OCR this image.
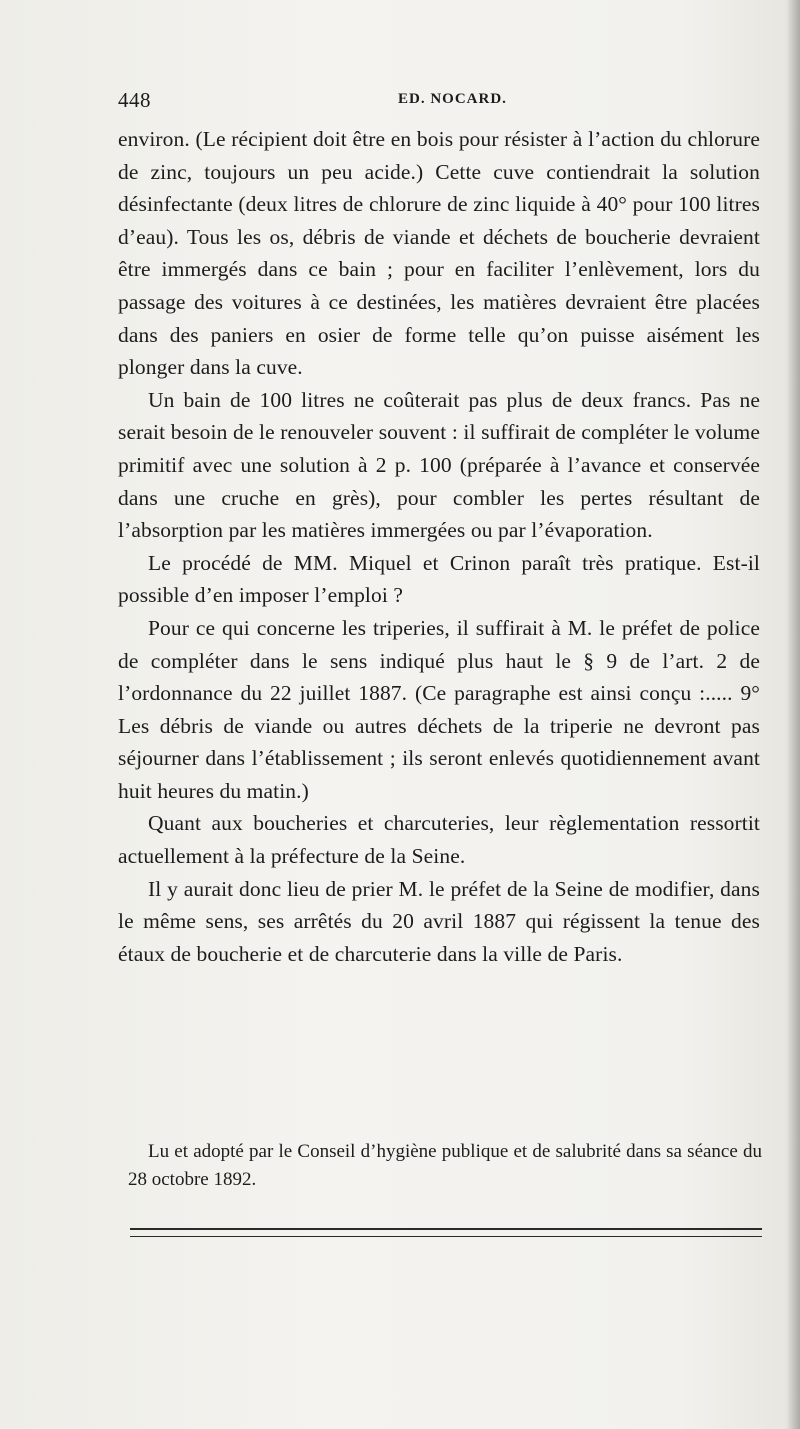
448	ED. NOCARD.

environ. (Le récipient doit être en bois pour résister à l’action du chlorure de zinc, toujours un peu acide.) Cette cuve contiendrait la solution désinfectante (deux litres de chlorure de zinc liquide à 40° pour 100 litres d’eau). Tous les os, débris de viande et déchets de boucherie devraient être immergés dans ce bain ; pour en faciliter l’enlèvement, lors du passage des voitures à ce destinées, les matières devraient être placées dans des paniers en osier de forme telle qu’on puisse aisément les plonger dans la cuve.

Un bain de 100 litres ne coûterait pas plus de deux francs. Pas ne serait besoin de le renouveler souvent : il suffirait de compléter le volume primitif avec une solution à 2 p. 100 (préparée à l’avance et conservée dans une cruche en grès), pour combler les pertes résultant de l’absorption par les matières immergées ou par l’évaporation.

Le procédé de MM. Miquel et Crinon paraît très pratique. Est-il possible d’en imposer l’emploi ?

Pour ce qui concerne les triperies, il suffirait à M. le préfet de police de compléter dans le sens indiqué plus haut le § 9 de l’art. 2 de l’ordonnance du 22 juillet 1887. (Ce paragraphe est ainsi conçu :..... 9° Les débris de viande ou autres déchets de la triperie ne devront pas séjourner dans l’établissement ; ils seront enlevés quotidiennement avant huit heures du matin.)

Quant aux boucheries et charcuteries, leur règlementation ressortit actuellement à la préfecture de la Seine.

Il y aurait donc lieu de prier M. le préfet de la Seine de modifier, dans le même sens, ses arrêtés du 20 avril 1887 qui régissent la tenue des étaux de boucherie et de charcuterie dans la ville de Paris.

Lu et adopté par le Conseil d’hygiène publique et de salubrité dans sa séance du 28 octobre 1892.
